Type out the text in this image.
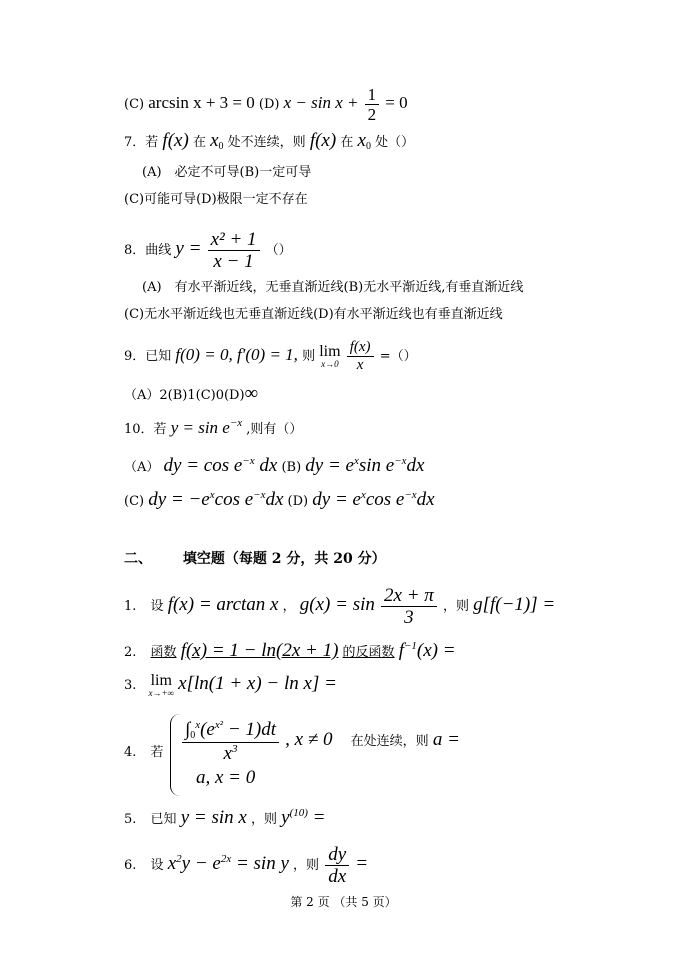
(C) arcsin x + 3 = 0 (D) $x - \sin x + \frac{1}{2} = 0$
7．若 f(x) 在 $x_0$ 处不连续，则 f(x) 在 $x_0$ 处（）
(A)　必定不可导(B)一定可导
(C)可能可导(D)极限一定不存在
8．曲线 $y = \frac{\text{x² + 1}}{x - 1}$ （）
(A)　有水平渐近线，无垂直渐近线(B)无水平渐近线,有垂直渐近线
(C)无水平渐近线也无垂直渐近线(D)有水平渐近线也有垂直渐近线
9．已知 f(0) = 0, f′(0) = 1, 则 lim
x→0
$\frac{f(x)}{x}$ =（）
（A）2(B)1(C)0(D)∞
10．若 $y = \sin e^{-x}$ ,则有（）
（A） dy = $\cos e^{-x}$ dx (B) dy = $e^x\sin$ $e^{-x}dx$
(C) dy = $-e^x\cos$ $e^{-x}dx$ (D) dy = $e^x\cos$ $e^{-x}dx$
二、 填空题（每题 2 分，共 20 分）
1. 设 f(x) = arctan x ， $g(x) = \sin \frac{2x + \pi}{3}$ ，则 g[f(−1)] =
2. 函数 f(x) = 1 − ln(2x + 1) 的反函数 $f^{-1}(x)$ =
3. lim
x→+∞ x[ln(1 + x) − ln x] =
4. 若 $\frac{\int_0^x(e^{x^2} - 1)dt}{x^3}$ , x ≠ 0 在处连续，则 a =
a, x = 0
5. 已知 y = sin x ，则 $y^{(10)}$ =
6. 设 $x^2y - e^{2x} = \sin y$ ，则 $\frac{dy}{dx}$ =
第 2 页 （共 5 页）
